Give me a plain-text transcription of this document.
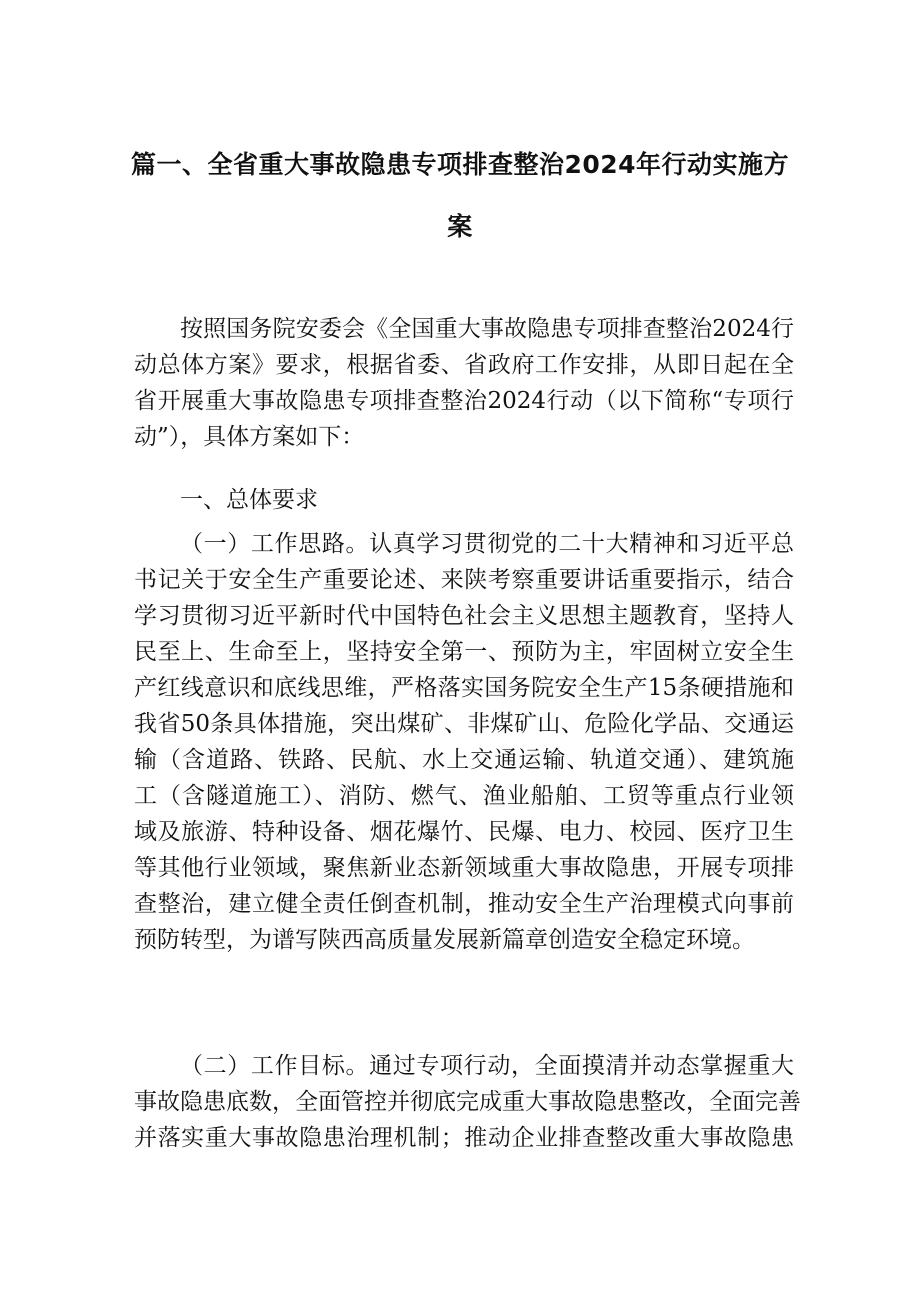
篇一、全省重大事故隐患专项排查整治2024年行动实施方
案
按照国务院安委会《全国重大事故隐患专项排查整治2024行
动总体方案》要求，根据省委、省政府工作安排，从即日起在全
省开展重大事故隐患专项排查整治2024行动（以下简称“专项行
动”），具体方案如下：
一、总体要求
（一）工作思路。认真学习贯彻党的二十大精神和习近平总
书记关于安全生产重要论述、来陕考察重要讲话重要指示，结合
学习贯彻习近平新时代中国特色社会主义思想主题教育，坚持人
民至上、生命至上，坚持安全第一、预防为主，牢固树立安全生
产红线意识和底线思维，严格落实国务院安全生产15条硬措施和
我省50条具体措施，突出煤矿、非煤矿山、危险化学品、交通运
输（含道路、铁路、民航、水上交通运输、轨道交通）、建筑施
工（含隧道施工）、消防、燃气、渔业船舶、工贸等重点行业领
域及旅游、特种设备、烟花爆竹、民爆、电力、校园、医疗卫生
等其他行业领域，聚焦新业态新领域重大事故隐患，开展专项排
查整治，建立健全责任倒查机制，推动安全生产治理模式向事前
预防转型，为谱写陕西高质量发展新篇章创造安全稳定环境。
（二）工作目标。通过专项行动，全面摸清并动态掌握重大
事故隐患底数，全面管控并彻底完成重大事故隐患整改，全面完善
并落实重大事故隐患治理机制；推动企业排查整改重大事故隐患
